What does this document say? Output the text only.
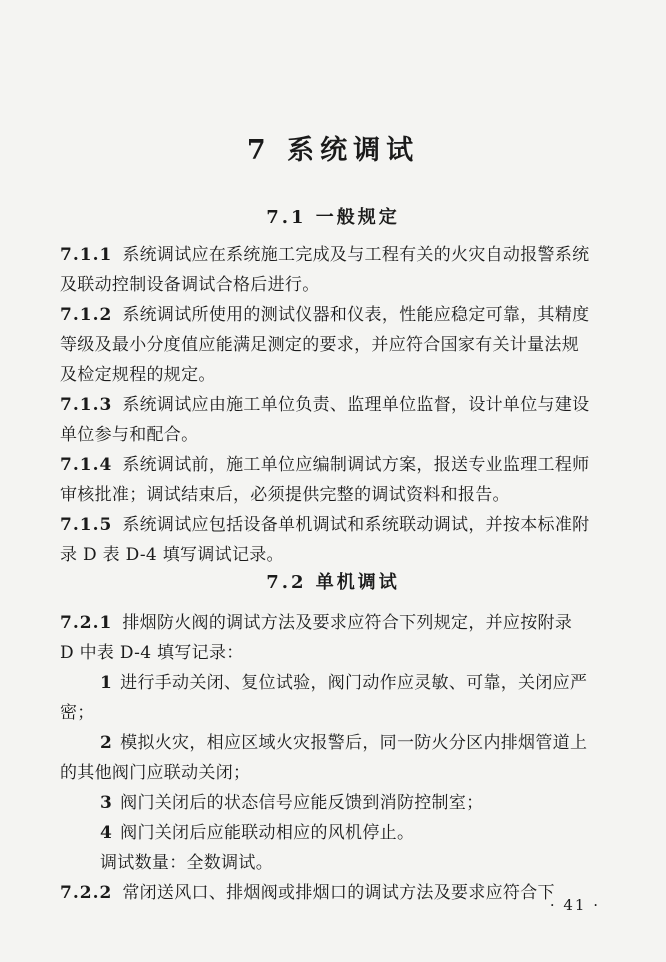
7 系统调试
7.1 一般规定
7.1.1 系统调试应在系统施工完成及与工程有关的火灾自动报警系统及联动控制设备调试合格后进行。
7.1.2 系统调试所使用的测试仪器和仪表，性能应稳定可靠，其精度等级及最小分度值应能满足测定的要求，并应符合国家有关计量法规及检定规程的规定。
7.1.3 系统调试应由施工单位负责、监理单位监督，设计单位与建设单位参与和配合。
7.1.4 系统调试前，施工单位应编制调试方案，报送专业监理工程师审核批准；调试结束后，必须提供完整的调试资料和报告。
7.1.5 系统调试应包括设备单机调试和系统联动调试，并按本标准附录 D 表 D-4 填写调试记录。
7.2 单机调试
7.2.1 排烟防火阀的调试方法及要求应符合下列规定，并应按附录 D 中表 D-4 填写记录：
1 进行手动关闭、复位试验，阀门动作应灵敏、可靠，关闭应严密；
2 模拟火灾，相应区域火灾报警后，同一防火分区内排烟管道上的其他阀门应联动关闭；
3 阀门关闭后的状态信号应能反馈到消防控制室；
4 阀门关闭后应能联动相应的风机停止。
调试数量：全数调试。
7.2.2 常闭送风口、排烟阀或排烟口的调试方法及要求应符合下
· 41 ·
